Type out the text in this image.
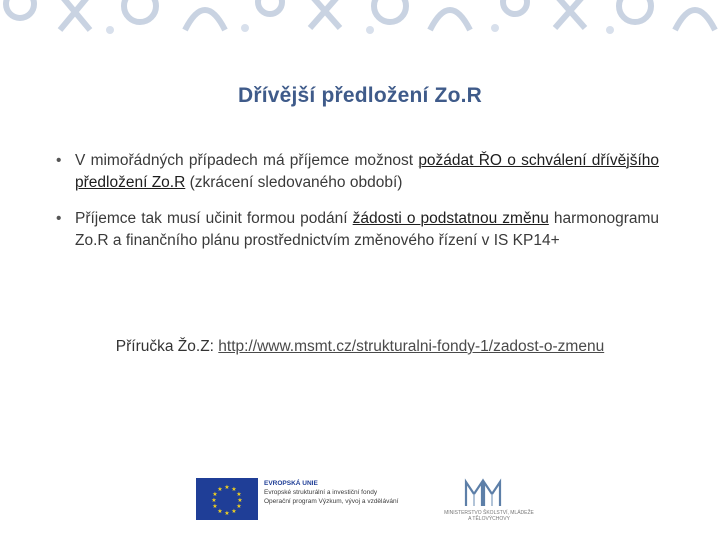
Dřívější předložení Zo.R
• V mimořádných případech má příjemce možnost požádat ŘO o schválení dřívějšího předložení Zo.R (zkrácení sledovaného období)
• Příjemce tak musí učinit formou podání žádosti o podstatnou změnu harmonogramu Zo.R a finančního plánu prostřednictvím změnového řízení v IS KP14+
Příručka Žo.Z: http://www.msmt.cz/strukturalni-fondy-1/zadost-o-zmenu
★ ★
★
★
★
★
★
★
★
★
★
★
EVROPSKÁ UNIE
Evropské strukturální a investiční fondy
Operační program Výzkum, vývoj a vzdělávání
MINISTERSTVO ŠKOLSTVÍ, MLÁDEŽE A TĚLOVÝCHOVY
